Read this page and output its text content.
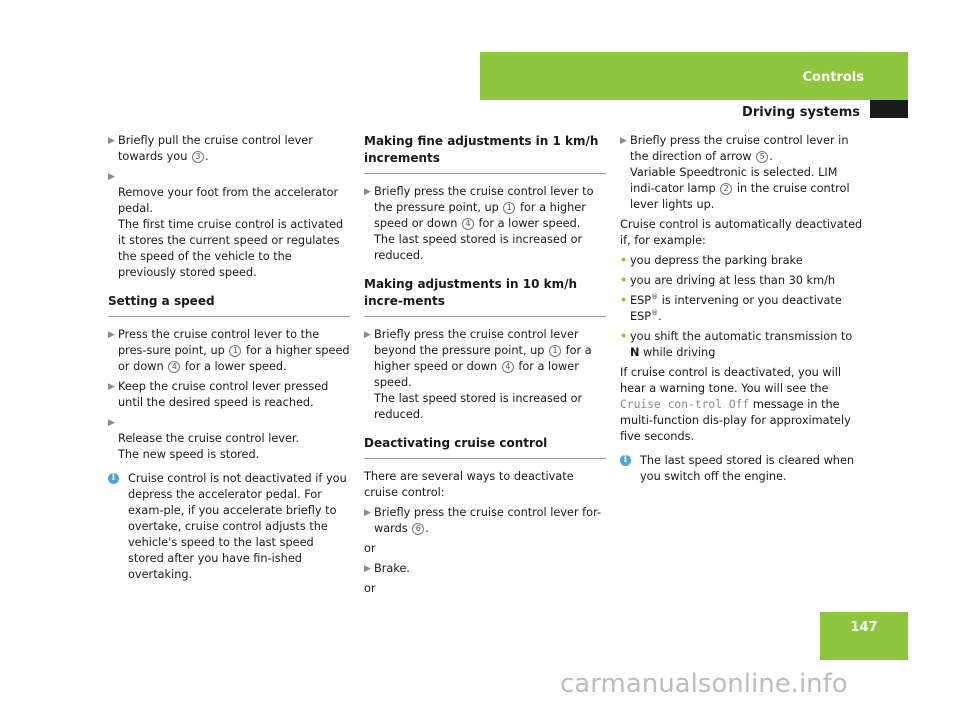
Controls
Driving systems
▶ Briefly pull the cruise control lever towards you 3 .

▶
Remove your foot from the accelerator pedal.
The first time cruise control is activated it stores the current speed or regulates the speed of the vehicle to the previously stored speed.

Setting a speed
▶ Press the cruise control lever to the pres-sure point, up 1 for a higher speed or down 4 for a lower speed.
▶ Keep the cruise control lever pressed until the desired speed is reached.

▶
Release the cruise control lever.
The new speed is stored.

i	Cruise control is not deactivated if you depress the accelerator pedal. For exam-ple, if you accelerate briefly to overtake, cruise control adjusts the vehicle's speed to the last speed stored after you have fin-ished overtaking.
Making fine adjustments in 1 km/h increments
▶ Briefly press the cruise control lever to the pressure point, up 1 for a higher speed or down 4 for a lower speed.
The last speed stored is increased or reduced.
Making adjustments in 10 km/h incre-ments
▶ Briefly press the cruise control lever beyond the pressure point, up 1 for a higher speed or down 4 for a lower speed.
The last speed stored is increased or reduced.
Deactivating cruise control
There are several ways to deactivate cruise control:
▶ Briefly press the cruise control lever for-wards 6 .
or
▶ Brake.
or
▶ Briefly press the cruise control lever in the direction of arrow 5 .
Variable Speedtronic is selected. LIM indi-cator lamp 2 in the cruise control lever lights up.
Cruise control is automatically deactivated if, for example:
• you depress the parking brake
• you are driving at less than 30 km/h
• ESP® is intervening or you deactivate ESP®.
• you shift the automatic transmission to N while driving
If cruise control is deactivated, you will hear a warning tone. You will see the Cruise con-trol Off message in the multi-function dis-play for approximately five seconds.
i	The last speed stored is cleared when you switch off the engine.
147
carmanualsonline.info
